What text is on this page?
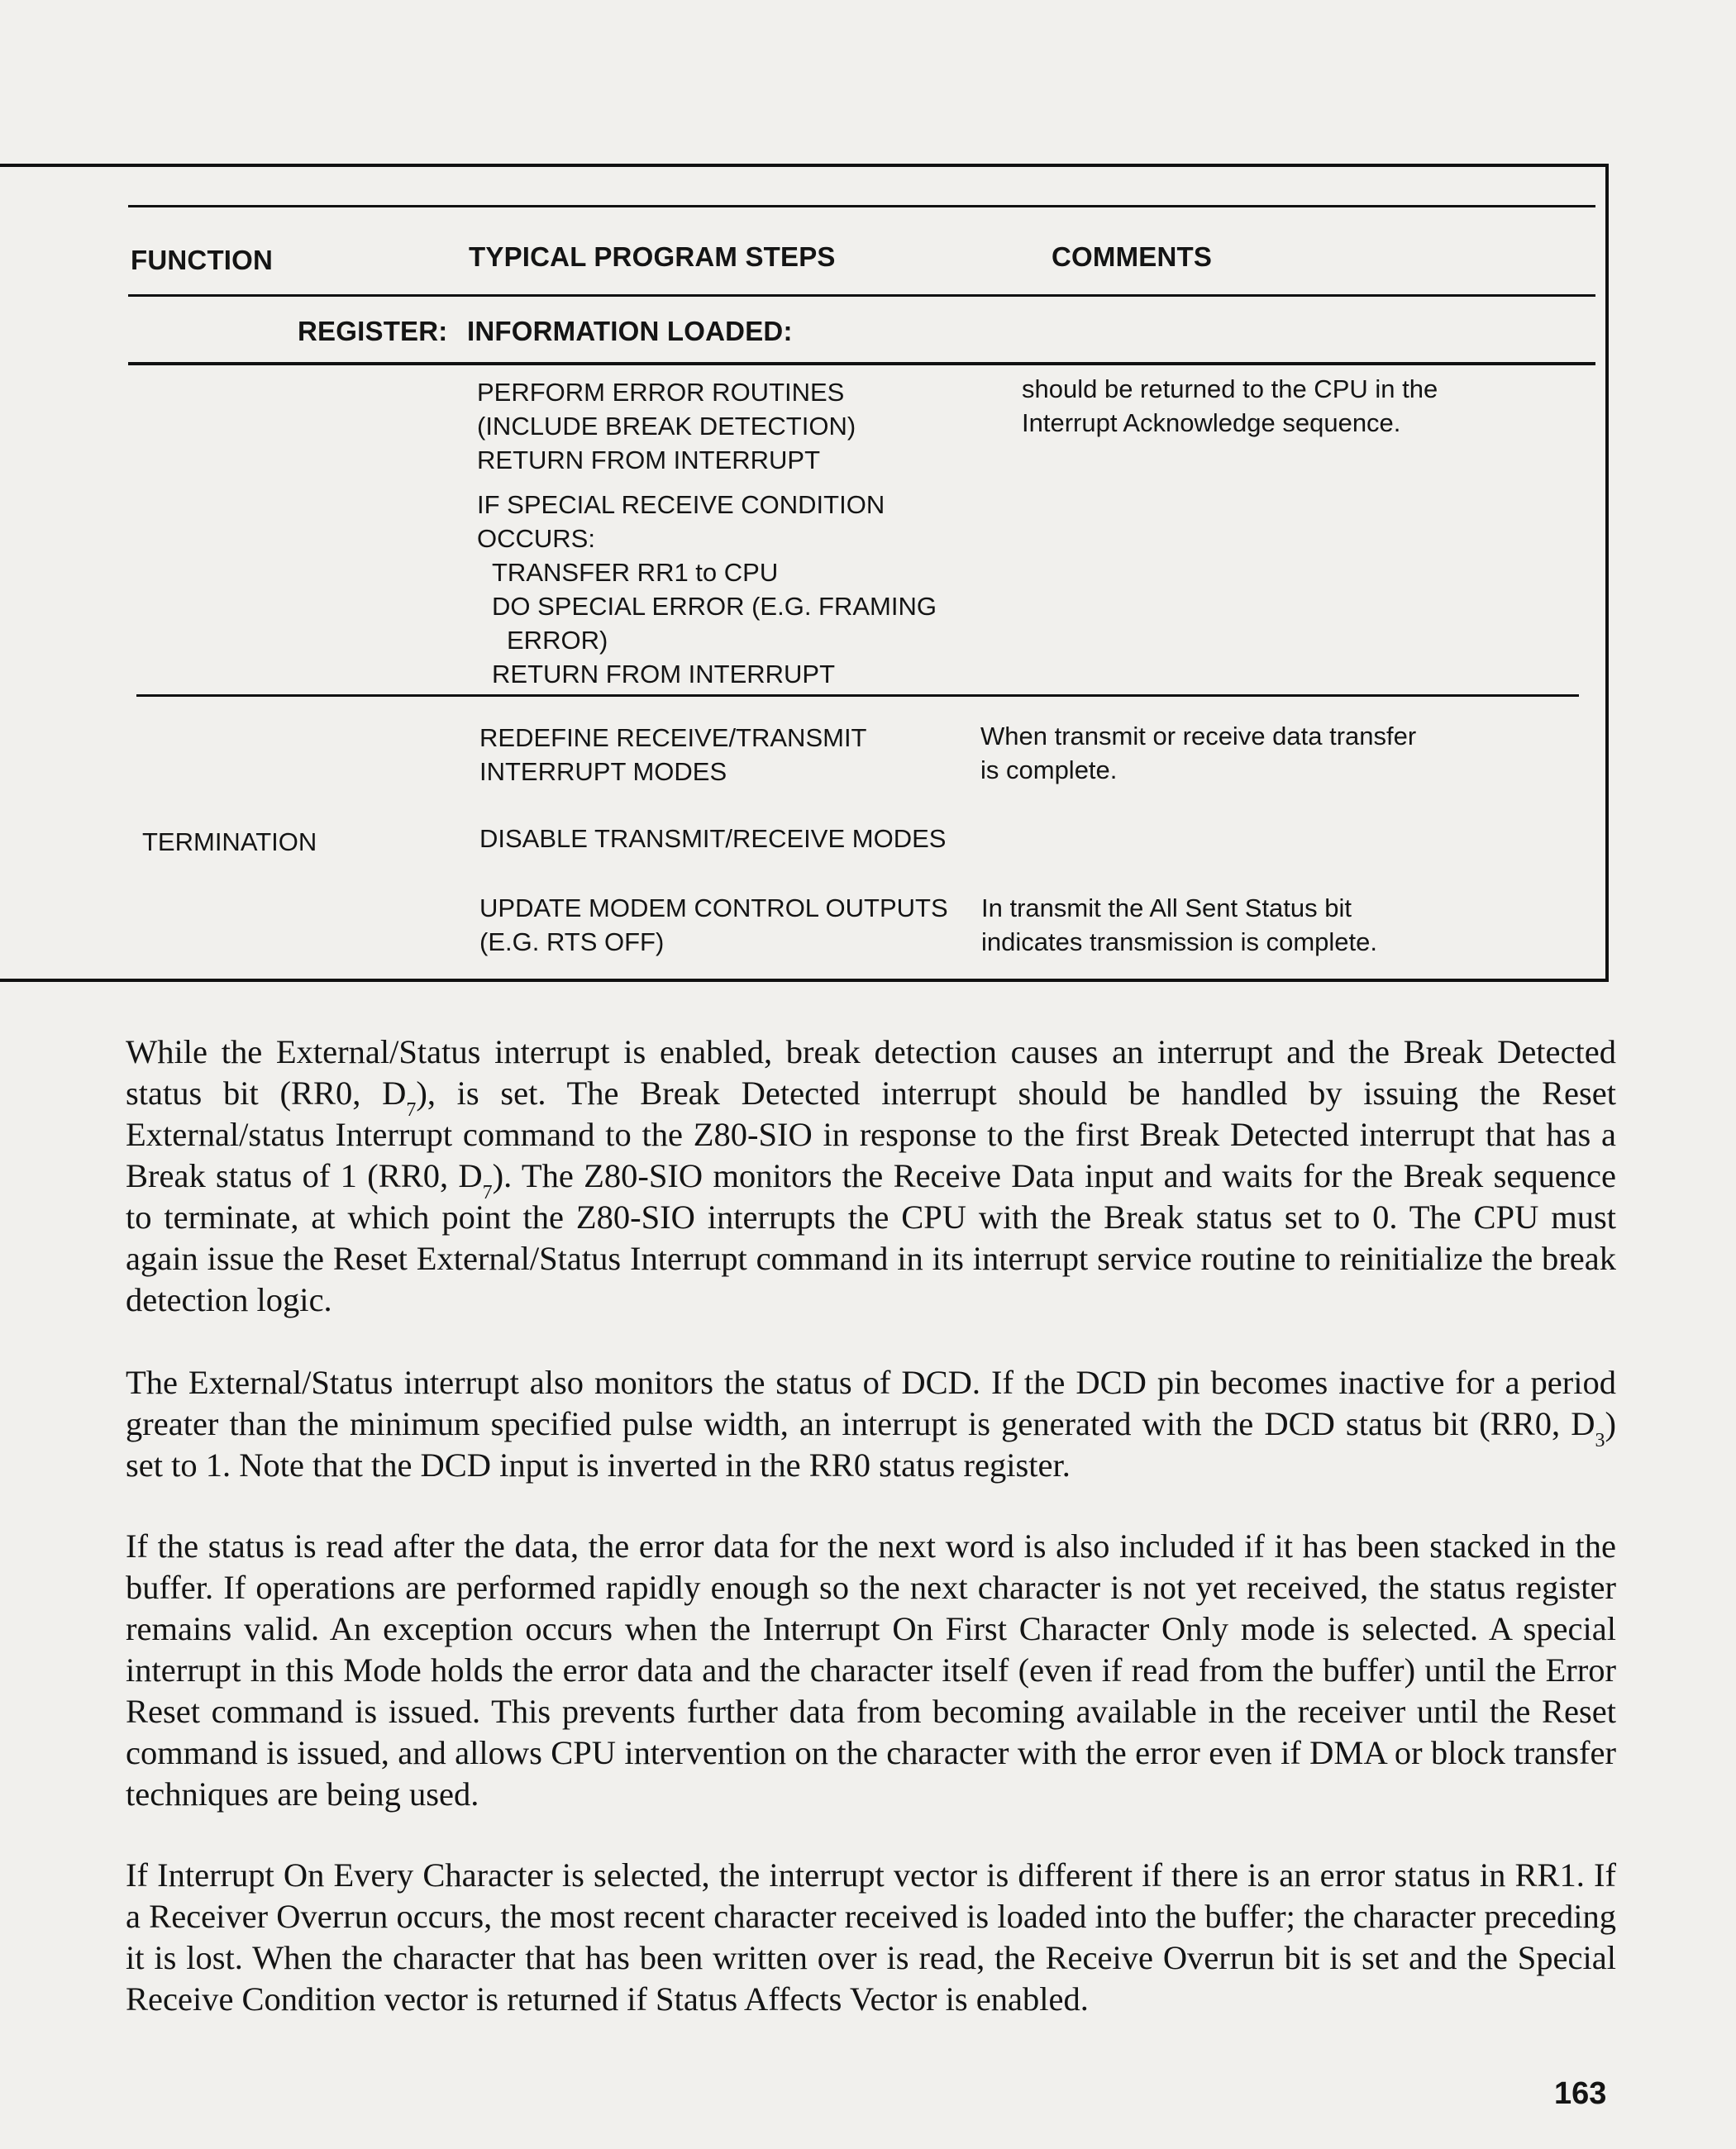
FUNCTION	TYPICAL PROGRAM STEPS	COMMENTS
REGISTER: INFORMATION LOADED:
PERFORM ERROR ROUTINES
(INCLUDE BREAK DETECTION)
RETURN FROM INTERRUPT
should be returned to the CPU in the
Interrupt Acknowledge sequence.
IF SPECIAL RECEIVE CONDITION
OCCURS:
TRANSFER RR1 to CPU
DO SPECIAL ERROR (E.G. FRAMING
ERROR)
RETURN FROM INTERRUPT
TERMINATION
REDEFINE RECEIVE/TRANSMIT
INTERRUPT MODES
When transmit or receive data transfer
is complete.
DISABLE TRANSMIT/RECEIVE MODES
UPDATE MODEM CONTROL OUTPUTS
(E.G. RTS OFF)
In transmit the All Sent Status bit
indicates transmission is complete.

While the External/Status interrupt is enabled, break detection causes an interrupt and the Break Detected status bit (RR0, $D_7$), is set. The Break Detected interrupt should be handled by issuing the Reset External/status Interrupt command to the Z80-SIO in response to the first Break Detected interrupt that has a Break status of 1 (RR0, $D_7$). The Z80-SIO monitors the Receive Data input and waits for the Break sequence to terminate, at which point the Z80-SIO interrupts the CPU with the Break status set to 0. The CPU must again issue the Reset External/Status Interrupt command in its interrupt service routine to reinitialize the break detection logic.

The External/Status interrupt also monitors the status of DCD. If the DCD pin becomes inactive for a period greater than the minimum specified pulse width, an interrupt is generated with the DCD status bit (RR0, $D_3$) set to 1. Note that the DCD input is inverted in the RR0 status register.

If the status is read after the data, the error data for the next word is also included if it has been stacked in the buffer. If operations are performed rapidly enough so the next character is not yet received, the status register remains valid. An exception occurs when the Interrupt On First Character Only mode is selected. A special interrupt in this Mode holds the error data and the character itself (even if read from the buffer) until the Error Reset command is issued. This prevents further data from becoming available in the receiver until the Reset command is issued, and allows CPU intervention on the character with the error even if DMA or block transfer techniques are being used.

If Interrupt On Every Character is selected, the interrupt vector is different if there is an error status in RR1. If a Receiver Overrun occurs, the most recent character received is loaded into the buffer; the character preceding it is lost. When the character that has been written over is read, the Receive Overrun bit is set and the Special Receive Condition vector is returned if Status Affects Vector is enabled.

163
